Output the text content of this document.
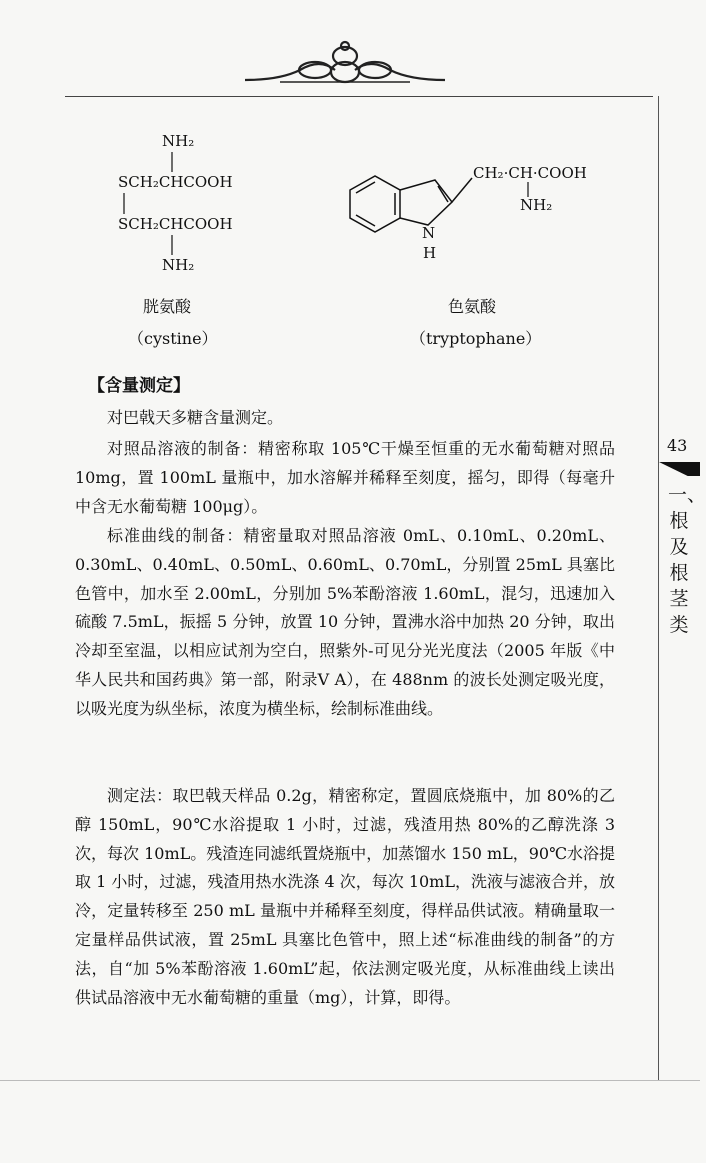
NH₂
SCH₂CHCOOH
SCH₂CHCOOH
NH₂
胱氨酸
（cystine）
CH₂·CH·COOH
NH₂
N
H
色氨酸
（tryptophane）
【含量测定】

对巴戟天多糖含量测定。

对照品溶液的制备：精密称取 105℃干燥至恒重的无水葡萄糖对照品 10mg，置 100mL 量瓶中，加水溶解并稀释至刻度，摇匀，即得（每毫升中含无水葡萄糖 100μg）。

标准曲线的制备：精密量取对照品溶液 0mL、0.10mL、0.20mL、0.30mL、0.40mL、0.50mL、0.60mL、0.70mL，分别置 25mL 具塞比色管中，加水至 2.00mL，分别加 5%苯酚溶液 1.60mL，混匀，迅速加入硫酸 7.5mL，振摇 5 分钟，放置 10 分钟，置沸水浴中加热 20 分钟，取出冷却至室温，以相应试剂为空白，照紫外-可见分光光度法（2005 年版《中华人民共和国药典》第一部，附录Ⅴ A），在 488nm 的波长处测定吸光度，以吸光度为纵坐标，浓度为横坐标，绘制标准曲线。

测定法：取巴戟天样品 0.2g，精密称定，置圆底烧瓶中，加 80%的乙醇 150mL，90℃水浴提取 1 小时，过滤，残渣用热 80%的乙醇洗涤 3 次，每次 10mL。残渣连同滤纸置烧瓶中，加蒸馏水 150 mL，90℃水浴提取 1 小时，过滤，残渣用热水洗涤 4 次，每次 10mL，洗液与滤液合并，放冷，定量转移至 250 mL 量瓶中并稀释至刻度，得样品供试液。精确量取一定量样品供试液，置 25mL 具塞比色管中，照上述“标准曲线的制备”的方法，自“加 5%苯酚溶液 1.60mL”起，依法测定吸光度，从标准曲线上读出供试品溶液中无水葡萄糖的重量（mg），计算，即得。

43
一、根及根茎类
